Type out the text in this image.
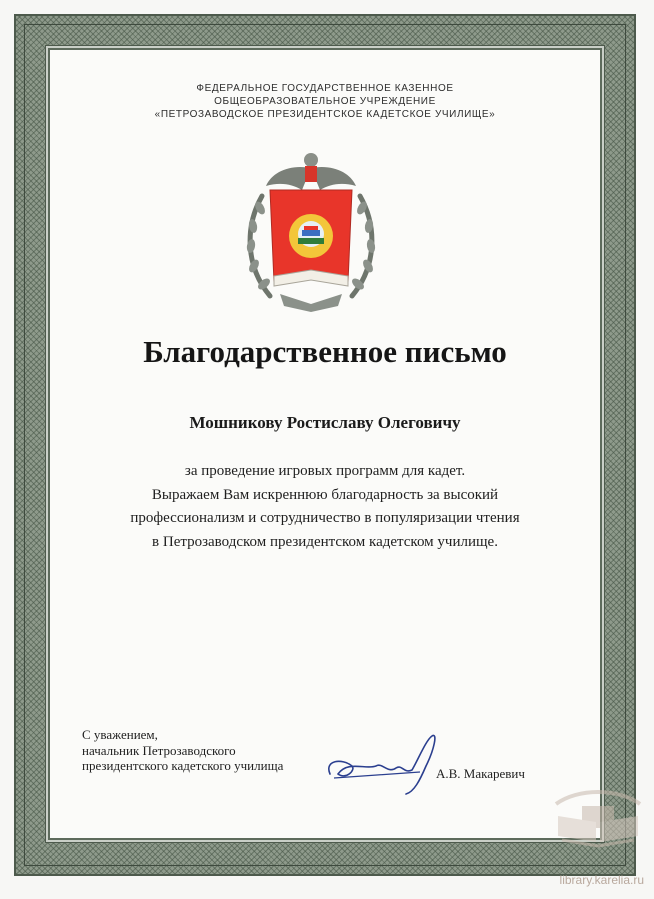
ФЕДЕРАЛЬНОЕ ГОСУДАРСТВЕННОЕ КАЗЕННОЕ
ОБЩЕОБРАЗОВАТЕЛЬНОЕ УЧРЕЖДЕНИЕ
«ПЕТРОЗАВОДСКОЕ ПРЕЗИДЕНТСКОЕ КАДЕТСКОЕ УЧИЛИЩЕ»
Благодарственное письмо
Мошникову Ростиславу Олеговичу
за проведение игровых программ для кадет.
Выражаем Вам искреннюю благодарность за высокий
профессионализм и сотрудничество в популяризации чтения
в Петрозаводском президентском кадетском училище.
С уважением,
начальник Петрозаводского
президентского кадетского училища
А.В. Макаревич
library.karelia.ru
